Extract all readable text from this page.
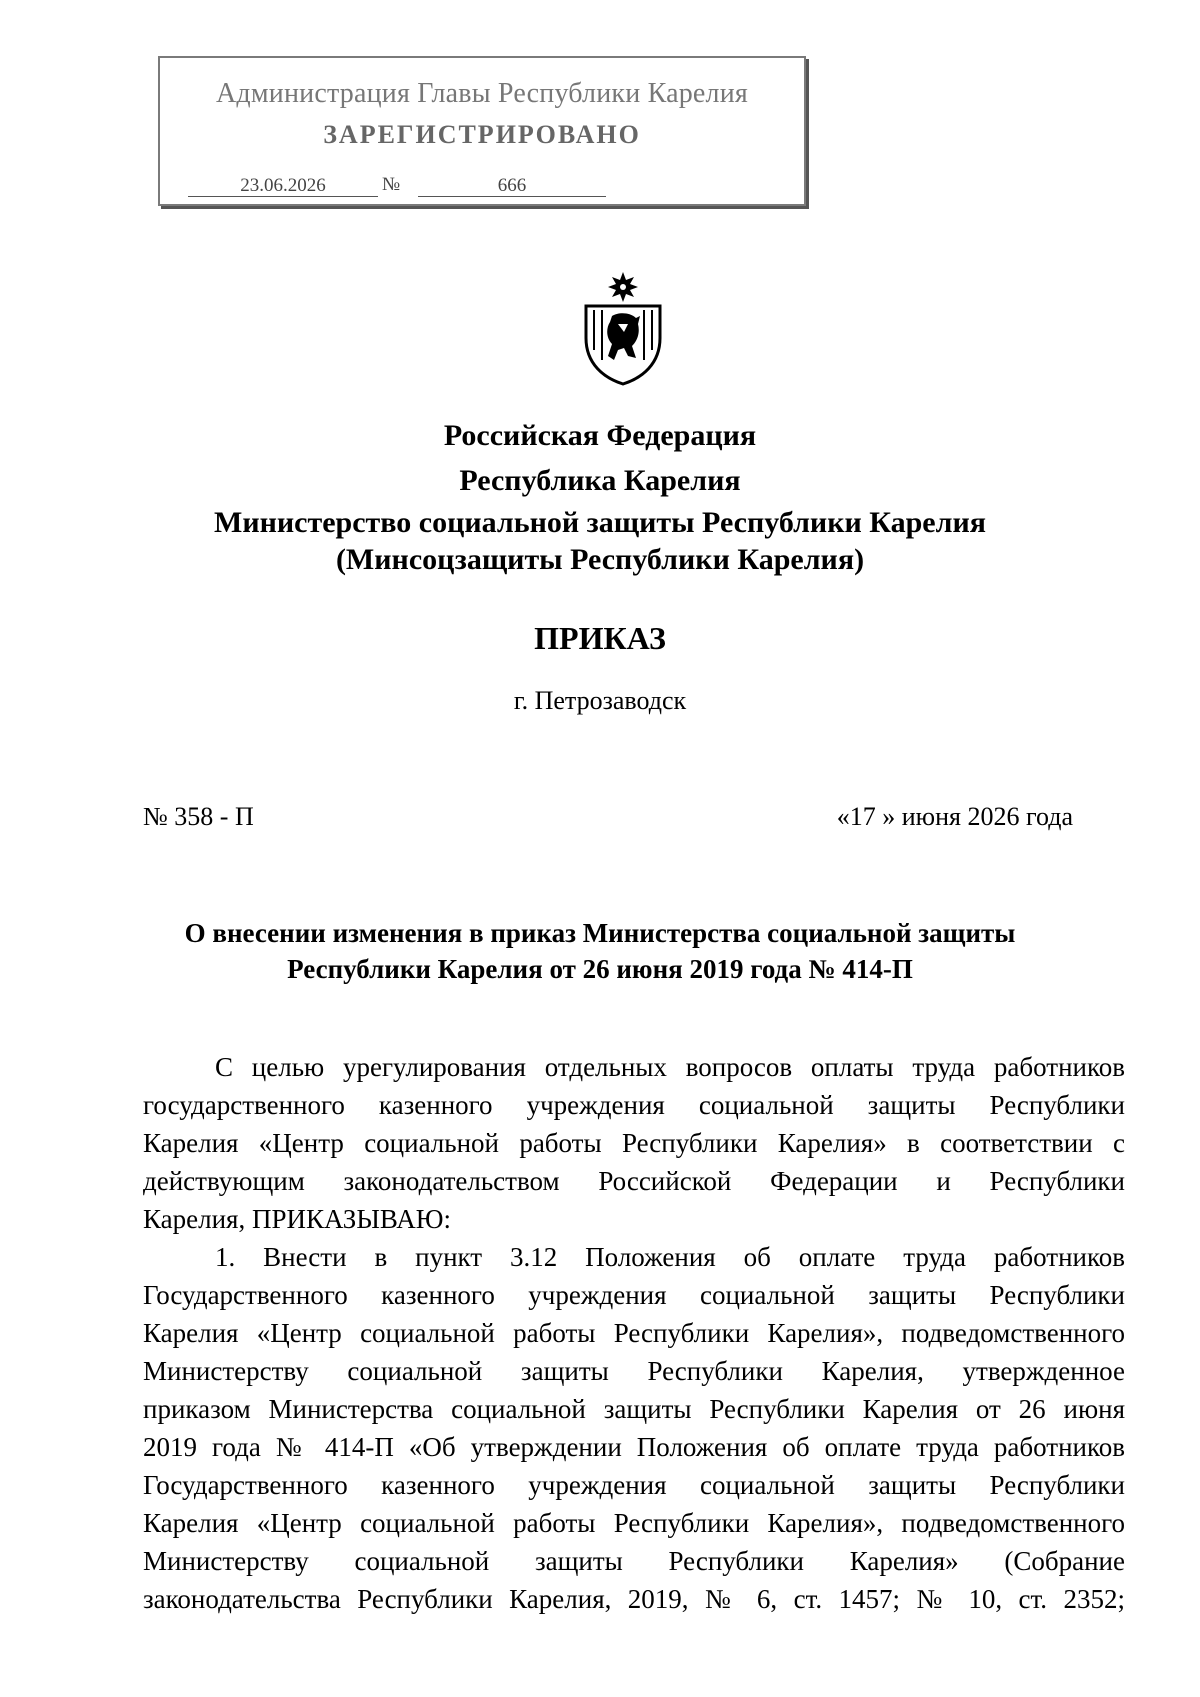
Администрация Главы Республики Карелия
ЗАРЕГИСТРИРОВАНО
23.06.2026	№	666
Российская Федерация
Республика Карелия
Министерство социальной защиты Республики Карелия
(Минсоцзащиты Республики Карелия)
ПРИКАЗ
г. Петрозаводск
№ 358 - П	«17 » июня 2026 года
О внесении изменения в приказ Министерства социальной защиты
Республики Карелия от 26 июня 2019 года № 414-П
С целью урегулирования отдельных вопросов оплаты труда работников
государственного казенного учреждения социальной защиты Республики
Карелия «Центр социальной работы Республики Карелия» в соответствии с
действующим законодательством Российской Федерации и Республики
Карелия, ПРИКАЗЫВАЮ:
1. Внести в пункт 3.12 Положения об оплате труда работников
Государственного казенного учреждения социальной защиты Республики
Карелия «Центр социальной работы Республики Карелия», подведомственного
Министерству социальной защиты Республики Карелия, утвержденное
приказом Министерства социальной защиты Республики Карелия от 26 июня
2019 года № 414-П «Об утверждении Положения об оплате труда работников
Государственного казенного учреждения социальной защиты Республики
Карелия «Центр социальной работы Республики Карелия», подведомственного
Министерству социальной защиты Республики Карелия» (Собрание
законодательства Республики Карелия, 2019, № 6, ст. 1457; № 10, ст. 2352;
